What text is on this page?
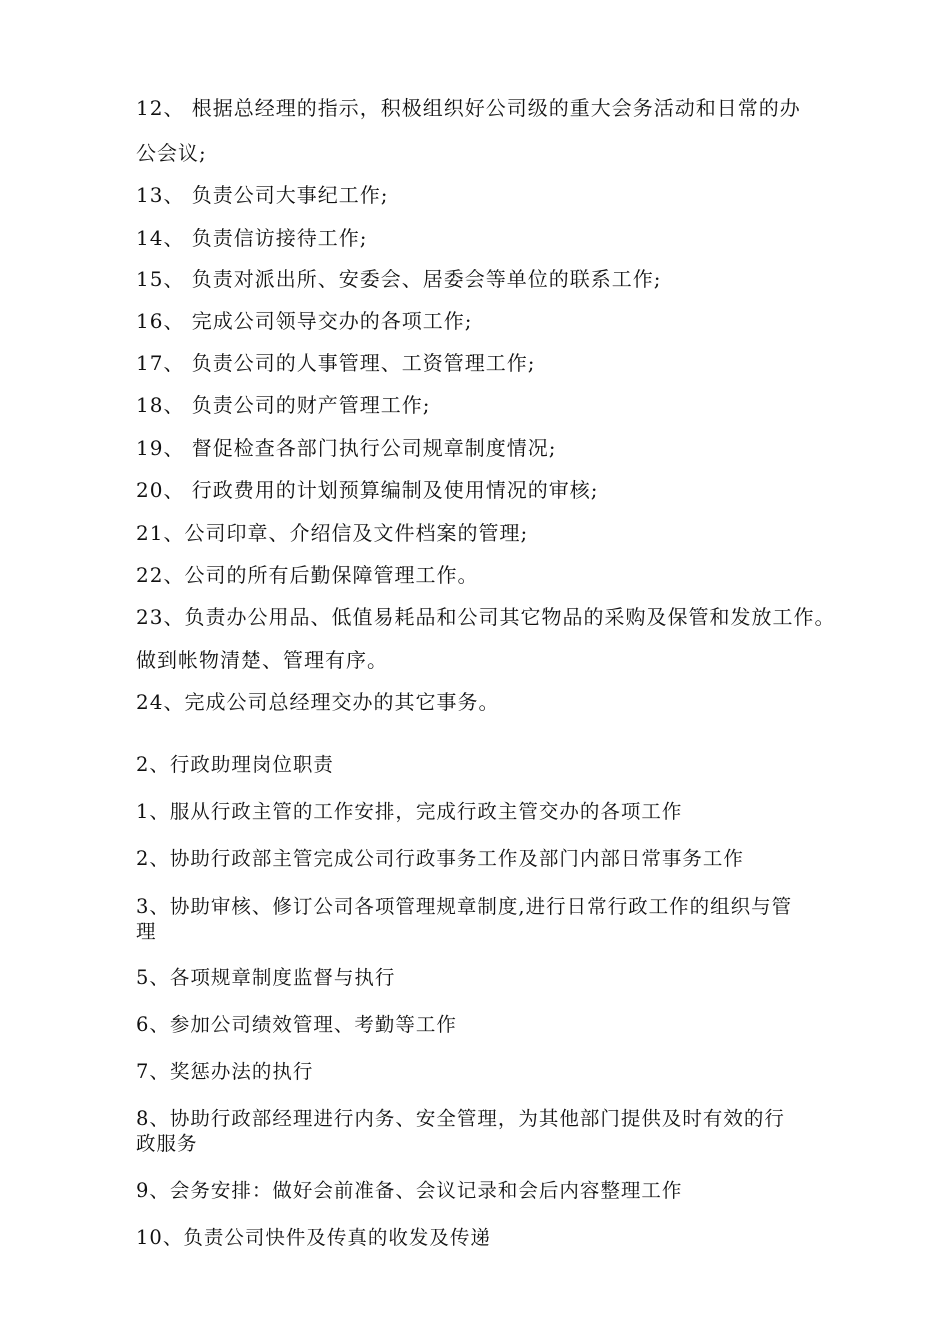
12、 根据总经理的指示，积极组织好公司级的重大会务活动和日常的办
公会议;
13、 负责公司大事纪工作;
14、 负责信访接待工作;
15、 负责对派出所、安委会、居委会等单位的联系工作;
16、 完成公司领导交办的各项工作;
17、 负责公司的人事管理、工资管理工作;
18、 负责公司的财产管理工作;
19、 督促检查各部门执行公司规章制度情况;
20、 行政费用的计划预算编制及使用情况的审核;
21、公司印章、介绍信及文件档案的管理;
22、公司的所有后勤保障管理工作。
23、负责办公用品、低值易耗品和公司其它物品的采购及保管和发放工作。
做到帐物清楚、管理有序。
24、完成公司总经理交办的其它事务。
2、行政助理岗位职责
1、服从行政主管的工作安排，完成行政主管交办的各项工作
2、协助行政部主管完成公司行政事务工作及部门内部日常事务工作
3、协助审核、修订公司各项管理规章制度,进行日常行政工作的组织与管
理
5、各项规章制度监督与执行
6、参加公司绩效管理、考勤等工作
7、奖惩办法的执行
8、协助行政部经理进行内务、安全管理，为其他部门提供及时有效的行
政服务
9、会务安排：做好会前准备、会议记录和会后内容整理工作
10、负责公司快件及传真的收发及传递
